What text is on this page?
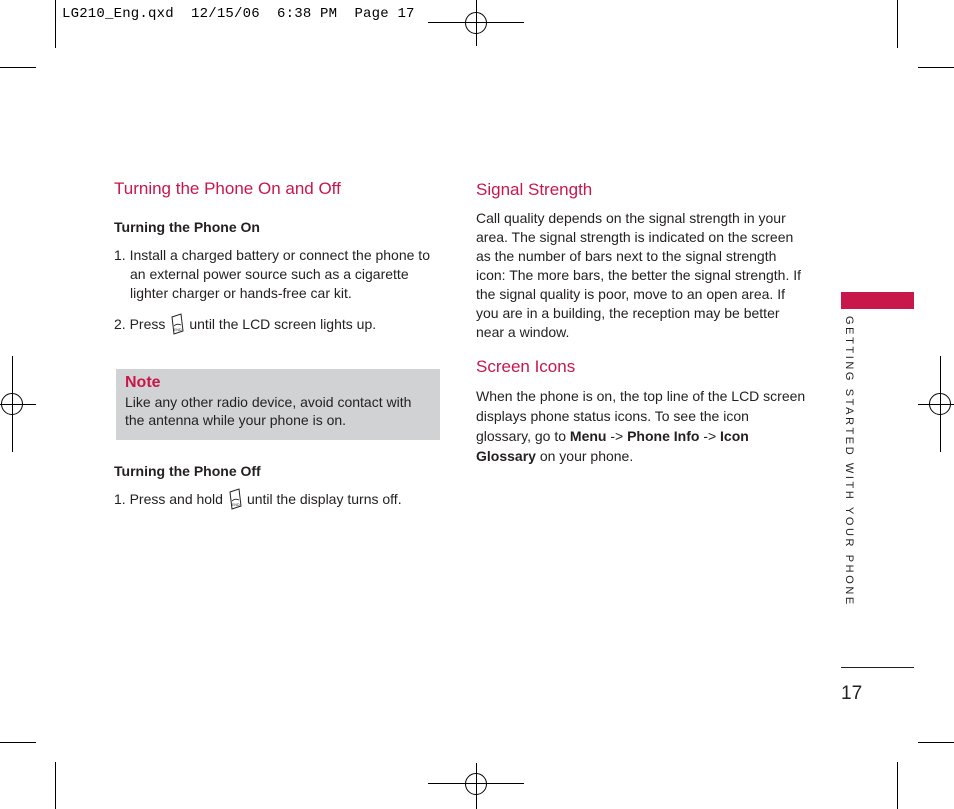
LG210_Eng.qxd  12/15/06  6:38 PM  Page 17
Turning the Phone On and Off
Turning the Phone On

1. Install a charged battery or connect the phone to an external power source such as a cigarette lighter charger or hands-free car kit.

2. Press	END until the LCD screen lights up.

Note

Like any other radio device, avoid contact with the antenna while your phone is on.

Turning the Phone Off

1. Press and hold	END until the display turns off.

Signal Strength

Call quality depends on the signal strength in your area. The signal strength is indicated on the screen as the number of bars next to the signal strength icon: The more bars, the better the signal strength. If the signal quality is poor, move to an open area. If you are in a building, the reception may be better near a window.

Screen Icons

When the phone is on, the top line of the LCD screen displays phone status icons. To see the icon glossary, go to Menu -> Phone Info -> Icon Glossary on your phone.	GETTING STARTED WITH YOUR PHONE
17
